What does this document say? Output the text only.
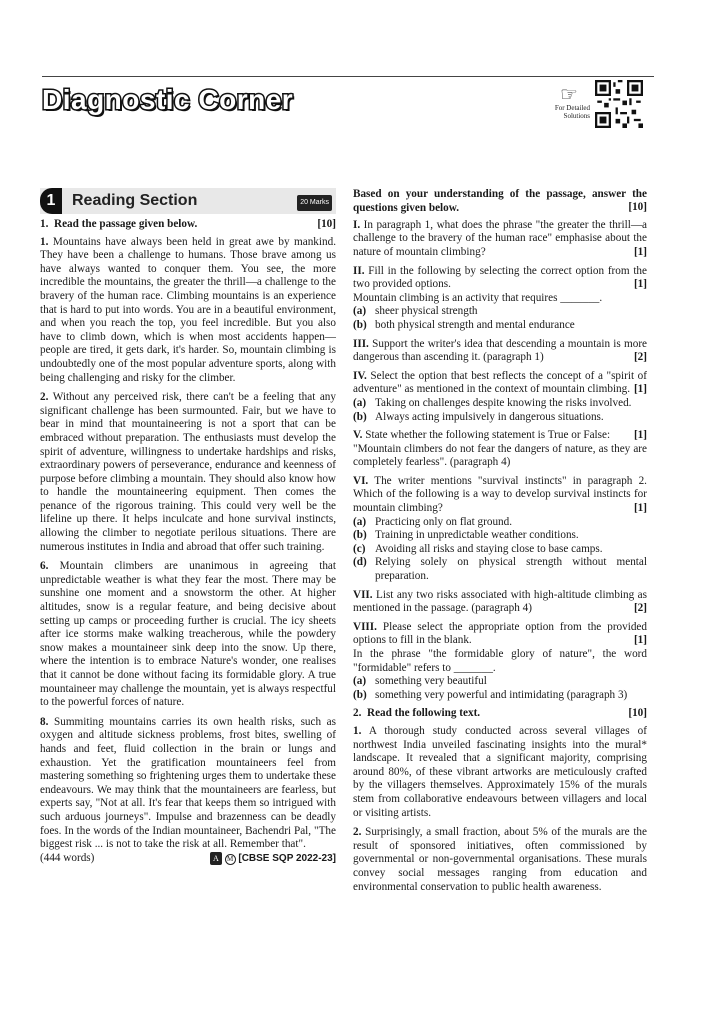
Diagnostic Corner	☞
For Detailed Solutions
1	Reading Section	20 Marks
1. Read the passage given below.	[10]

1. Mountains have always been held in great awe by mankind. They have been a challenge to humans. Those brave among us have always wanted to conquer them. You see, the more incredible the mountains, the greater the thrill—a challenge to the bravery of the human race. Climbing mountains is an experience that is hard to put into words. You are in a beautiful environment, and when you reach the top, you feel incredible. But you also have to climb down, which is when most accidents happen—people are tired, it gets dark, it's harder. So, mountain climbing is undoubtedly one of the most popular adventure sports, along with being challenging and risky for the climber.

2. Without any perceived risk, there can't be a feeling that any significant challenge has been surmounted. Fair, but we have to bear in mind that mountaineering is not a sport that can be embraced without preparation. The enthusiasts must develop the spirit of adventure, willingness to undertake hardships and risks, extraordinary powers of perseverance, endurance and keenness of purpose before climbing a mountain. They should also know how to handle the mountaineering equipment. Then comes the penance of the rigorous training. This could very well be the lifeline up there. It helps inculcate and hone survival instincts, allowing the climber to negotiate perilous situations. There are numerous institutes in India and abroad that offer such training.

6. Mountain climbers are unanimous in agreeing that unpredictable weather is what they fear the most. There may be sunshine one moment and a snowstorm the other. At higher altitudes, snow is a regular feature, and being decisive about setting up camps or proceeding further is crucial. The icy sheets after ice storms make walking treacherous, while the powdery snow makes a mountaineer sink deep into the snow. Up there, where the intention is to embrace Nature's wonder, one realises that it cannot be done without facing its formidable glory. A true mountaineer may challenge the mountain, yet is always respectful to the powerful forces of nature.

8. Summiting mountains carries its own health risks, such as oxygen and altitude sickness problems, frost bites, swelling of hands and feet, fluid collection in the brain or lungs and exhaustion. Yet the gratification mountaineers feel from mastering something so frightening urges them to undertake these endeavours. We may think that the mountaineers are fearless, but experts say, "Not at all. It's fear that keeps them so intrigued with such arduous journeys". Impulse and brazenness can be deadly foes. In the words of the Indian mountaineer, Bachendri Pal, "The biggest risk ... is not to take the risk at all. Remember that".

(444 words)	A M [CBSE SQP 2022-23]
Based on your understanding of the passage, answer the questions given below.	[10]
I. In paragraph 1, what does the phrase "the greater the thrill—a challenge to the bravery of the human race" emphasise about the nature of mountain climbing?	[1]
II. Fill in the following by selecting the correct option from the two provided options.	[1]
Mountain climbing is an activity that requires _______.
(a) sheer physical strength
(b) both physical strength and mental endurance
III. Support the writer's idea that descending a mountain is more dangerous than ascending it. (paragraph 1)	[2]
IV. Select the option that best reflects the concept of a "spirit of adventure" as mentioned in the context of mountain climbing. [1]
(a) Taking on challenges despite knowing the risks involved.
(b) Always acting impulsively in dangerous situations.
V. State whether the following statement is True or False: [1]
"Mountain climbers do not fear the dangers of nature, as they are completely fearless". (paragraph 4)
VI. The writer mentions "survival instincts" in paragraph 2. Which of the following is a way to develop survival instincts for mountain climbing?	[1]
(a) Practicing only on flat ground.
(b) Training in unpredictable weather conditions.
(c) Avoiding all risks and staying close to base camps.
(d) Relying solely on physical strength without mental preparation.
VII. List any two risks associated with high-altitude climbing as mentioned in the passage. (paragraph 4)	[2]
VIII. Please select the appropriate option from the provided options to fill in the blank.	[1]
In the phrase "the formidable glory of nature", the word "formidable" refers to _______.
(a) something very beautiful
(b) something very powerful and intimidating (paragraph 3)
2. Read the following text.	[10]

1. A thorough study conducted across several villages of northwest India unveiled fascinating insights into the mural* landscape. It revealed that a significant majority, comprising around 80%, of these vibrant artworks are meticulously crafted by the villagers themselves. Approximately 15% of the murals stem from collaborative endeavours between villagers and local or visiting artists.

2. Surprisingly, a small fraction, about 5% of the murals are the result of sponsored initiatives, often commissioned by governmental or non-governmental organisations. These murals convey social messages ranging from education and environmental conservation to public health awareness.
